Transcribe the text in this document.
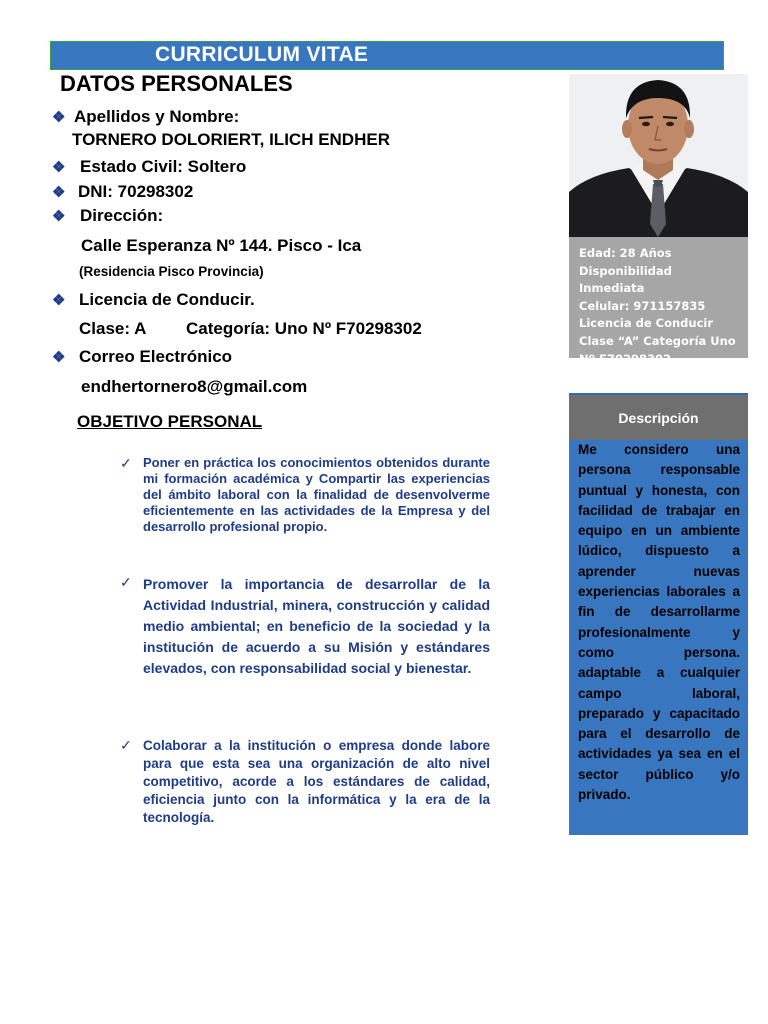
CURRICULUM VITAE
DATOS PERSONALES
❖ Apellidos y Nombre:
TORNERO DOLORIERT, ILICH ENDHER
❖ Estado Civil: Soltero
❖ DNI: 70298302
❖ Dirección:
Calle Esperanza Nº 144. Pisco - Ica
(Residencia Pisco Provincia)
❖ Licencia de Conducir.
Clase: A Categoría: Uno Nº F70298302
❖ Correo Electrónico
endhertornero8@gmail.com
OBJETIVO PERSONAL
✓ Poner en práctica los conocimientos obtenidos durante mi formación académica y Compartir las experiencias del ámbito laboral con la finalidad de desenvolverme eficientemente en las actividades de la Empresa y del desarrollo profesional propio.
✓ Promover la importancia de desarrollar de la Actividad Industrial, minera, construcción y calidad medio ambiental; en beneficio de la sociedad y la institución de acuerdo a su Misión y estándares elevados, con responsabilidad social y bienestar.
✓ Colaborar a la institución o empresa donde labore para que esta sea una organización de alto nivel competitivo, acorde a los estándares de calidad, eficiencia junto con la informática y la era de la tecnología.
Edad: 28 Años
Disponibilidad Inmediata
Celular: 971157835
Licencia de Conducir
Clase “A” Categoría Uno
Nº F70298302
Descripción
Me considero una persona responsable puntual y honesta, con facilidad de trabajar en equipo en un ambiente lúdico, dispuesto a aprender nuevas experiencias laborales a fin de desarrollarme profesionalmente y como persona. adaptable a cualquier campo laboral, preparado y capacitado para el desarrollo de actividades ya sea en el sector público y/o privado.
